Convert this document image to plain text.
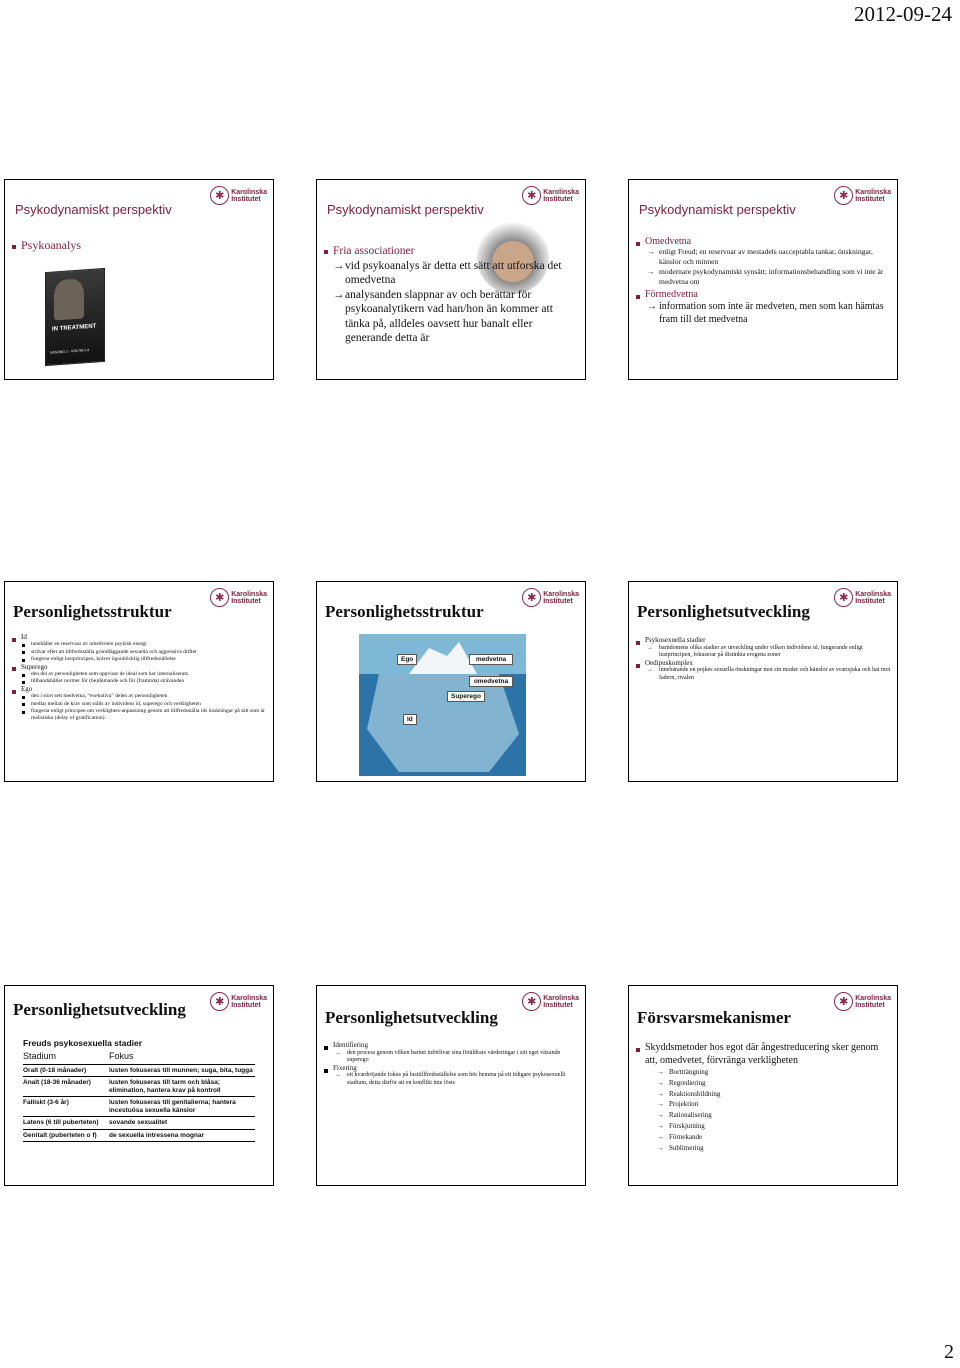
2012-09-24
✱ Karolinska
Institutet
Psykodynamiskt perspektiv
Psykoanalys
IN TREATMENT
SÄSONG 1 · VOLYM 1-4
✱ Karolinska
Institutet
Psykodynamiskt perspektiv
Fria associationer
→ vid psykoanalys är detta ett sätt att utforska det omedvetna
→ analysanden slappnar av och berättar för psykoanalytikern vad han/hon än kommer att tänka på, alldeles oavsett hur banalt eller generande detta är
✱ Karolinska
Institutet
Psykodynamiskt perspektiv
Omedvetna
→ enligt Freud; en reservoar av mestadels oacceptabla tankar, önskningar, känslor och minnen
→ modernare psykodynamiskt synsätt; informationsbehandling som vi inte är medvetna om
Förmedvetna
→ information som inte är medveten, men som kan hämtas fram till det medvetna
✱ Karolinska
Institutet
Personlighetsstruktur
Id
innehåller en reservoar av omedveten psykisk energi
strävar efter att tillfredsställa grundläggande sexuella och aggressiva drifter
fungerar enligt lustprincipen, kräver ögonblicklig tillfredsställelse
Superego
den del av personligheten som uppvisar de ideal som har internaliserats
tillhandahåller normer för (be)dömande och för (framtida) strävanden
Ego
den i stort sett medvetna, “exekutiva” delen av personligheten
medlar mellan de krav som ställs av individens id, superego och verkligheten
fungerar enligt principen om verklighets-anpassning genom att tillfredsställa ids önskningar på sätt som är realistiska (delay of gratification).
✱ Karolinska
Institutet
Personlighetsstruktur
Ego	medvetna
omedvetna
Superego
Id
✱ Karolinska
Institutet
Personlighetsutveckling
Psykosexuella stadier
→ barndomens olika stadier av utveckling under vilken individens id, fungerande enligt lustprincipen, fokuserar på distinkta erogena zoner
Oedipuskomplex
→ innebärande en pojkes sexuella önskningar mot sin moder och känslor av svartsjuka och hat mot fadern, rivalen
✱ Karolinska
Institutet
Personlighetsutveckling
Freuds psykosexuella stadier
Stadium	Fokus
Oralt (0-18 månader)	lusten fokuseras till munnen; suga, bita, tugga
Analt (18-36 månader)	lusten fokuseras till tarm och blåsa; elimination, hantera krav på kontroll
Falliskt (3-6 år)	lusten fokuseras till genitalierna; hantera incestuösa sexuella känslor
Latens (6 till puberteten)	sovande sexualitet
Genitalt (puberteten o f)	de sexuella intressena mognar
✱ Karolinska
Institutet
Personlighetsutveckling
Identifiering
→ den process genom vilken barnet införlivar sina föräldrars värderingar i sitt eget växande superego
Fixering
→ ett kvardröjande fokus på lusttillfredsställelse som hör hemma på ett tidigare psykosexuellt stadium, detta därför att en konflikt inte lösts
✱ Karolinska
Institutet
Försvarsmekanismer
Skyddsmetoder hos egot där ångestreducering sker genom att, omedvetet, förvränga verkligheten
→ Bortträngning
→ Regrediering
→ Reaktionsbildning
→ Projektion
→ Rationalisering
→ Förskjutning
→ Förnekande
→ Sublimering
2
